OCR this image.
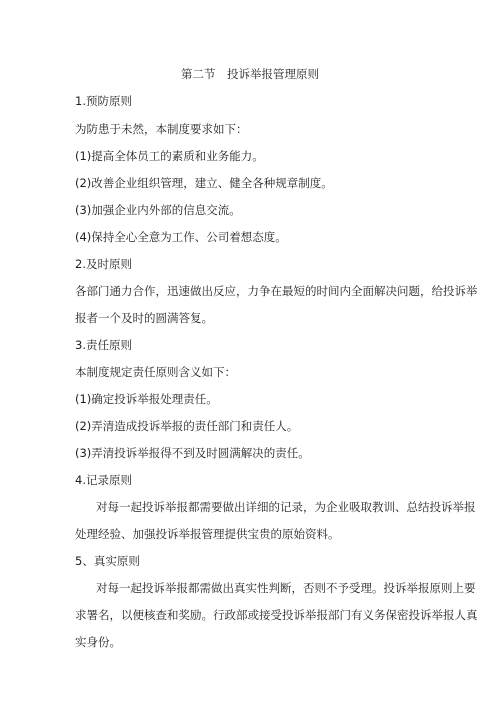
第二节　投诉举报管理原则
1.预防原则
为防患于未然，本制度要求如下：
(1)提高全体员工的素质和业务能力。
(2)改善企业组织管理，建立、健全各种规章制度。
(3)加强企业内外部的信息交流。
(4)保持全心全意为工作、公司着想态度。
2.及时原则
各部门通力合作，迅速做出反应，力争在最短的时间内全面解决问题，给投诉举
报者一个及时的圆满答复。
3.责任原则
本制度规定责任原则含义如下：
(1)确定投诉举报处理责任。
(2)弄清造成投诉举报的责任部门和责任人。
(3)弄清投诉举报得不到及时圆满解决的责任。
4.记录原则
对每一起投诉举报都需要做出详细的记录，为企业吸取教训、总结投诉举报
处理经验、加强投诉举报管理提供宝贵的原始资料。
5、真实原则
对每一起投诉举报都需做出真实性判断，否则不予受理。投诉举报原则上要
求署名，以便核查和奖励。行政部或接受投诉举报部门有义务保密投诉举报人真
实身份。
